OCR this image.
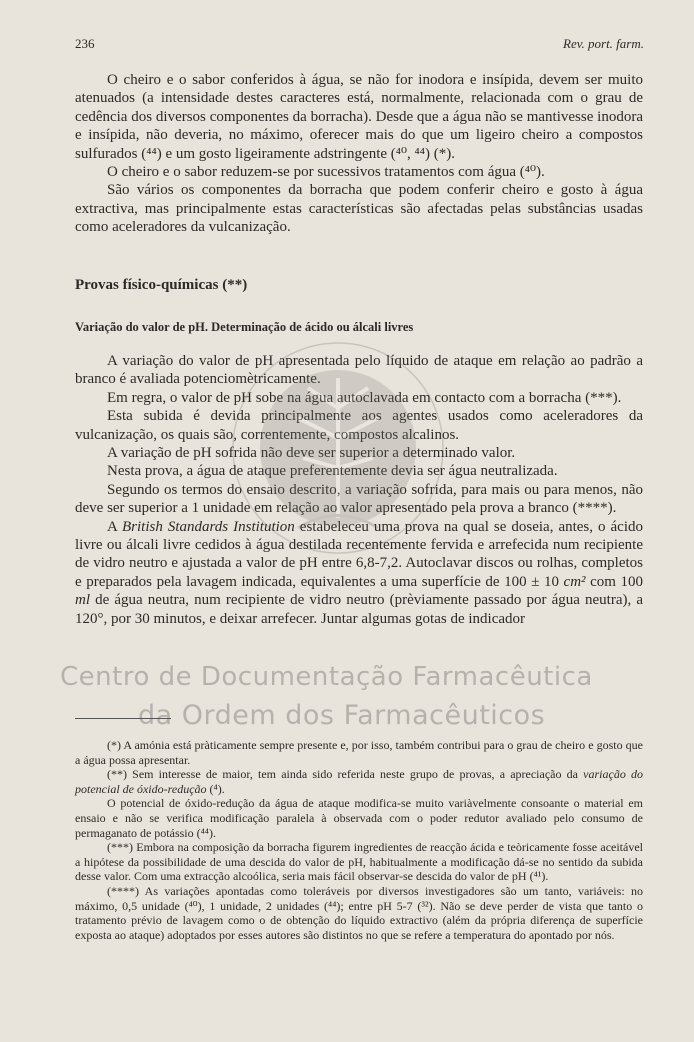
236	Rev. port. farm.

O cheiro e o sabor conferidos à água, se não for inodora e insípida, devem ser muito atenuados (a intensidade destes caracteres está, normalmente, relacionada com o grau de cedência dos diversos componentes da borracha). Desde que a água não se mantivesse inodora e insípida, não deveria, no máximo, oferecer mais do que um ligeiro cheiro a compostos sulfurados (⁴⁴) e um gosto ligeiramente adstringente (⁴⁰, ⁴⁴) (*).

O cheiro e o sabor reduzem-se por sucessivos tratamentos com água (⁴⁰).

São vários os componentes da borracha que podem conferir cheiro e gosto à água extractiva, mas principalmente estas características são afectadas pelas substâncias usadas como aceleradores da vulcanização.

Provas físico-químicas (**)
Variação do valor de pH. Determinação de ácido ou álcali livres

A variação do valor de pH apresentada pelo líquido de ataque em relação ao padrão a branco é avaliada potenciomètricamente.

Em regra, o valor de pH sobe na água autoclavada em contacto com a borracha (***).

Esta subida é devida principalmente aos agentes usados como aceleradores da vulcanização, os quais são, correntemente, compostos alcalinos.

A variação de pH sofrida não deve ser superior a determinado valor.

Nesta prova, a água de ataque preferentemente devia ser água neutralizada.

Segundo os termos do ensaio descrito, a variação sofrida, para mais ou para menos, não deve ser superior a 1 unidade em relação ao valor apresentado pela prova a branco (****).

A British Standards Institution estabeleceu uma prova na qual se doseia, antes, o ácido livre ou álcali livre cedidos à água destilada recentemente fervida e arrefecida num recipiente de vidro neutro e ajustada a valor de pH entre 6,8-7,2. Autoclavar discos ou rolhas, completos e preparados pela lavagem indicada, equivalentes a uma superfície de 100 ± 10 cm² com 100 ml de água neutra, num recipiente de vidro neutro (prèviamente passado por água neutra), a 120°, por 30 minutos, e deixar arrefecer. Juntar algumas gotas de indicador

Centro de Documentação Farmacêutica
da Ordem dos Farmacêuticos

(*) A amónia está pràticamente sempre presente e, por isso, também contribui para o grau de cheiro e gosto que a água possa apresentar.

(**) Sem interesse de maior, tem ainda sido referida neste grupo de provas, a apreciação da variação do potencial de óxido-redução (⁴).

O potencial de óxido-redução da água de ataque modifica-se muito variàvelmente consoante o material em ensaio e não se verifica modificação paralela à observada com o poder redutor avaliado pelo consumo de permaganato de potássio (⁴⁴).

(***) Embora na composição da borracha figurem ingredientes de reacção ácida e teòricamente fosse aceitável a hipótese da possibilidade de uma descida do valor de pH, habitualmente a modificação dá-se no sentido da subida desse valor. Com uma extracção alcoólica, seria mais fácil observar-se descida do valor de pH (⁴¹).

(****) As variações apontadas como toleráveis por diversos investigadores são um tanto, variáveis: no máximo, 0,5 unidade (⁴⁰), 1 unidade, 2 unidades (⁴⁴); entre pH 5-7 (³²). Não se deve perder de vista que tanto o tratamento prévio de lavagem como o de obtenção do líquido extractivo (além da própria diferença de superfície exposta ao ataque) adoptados por esses autores são distintos no que se refere a temperatura do apontado por nós.
